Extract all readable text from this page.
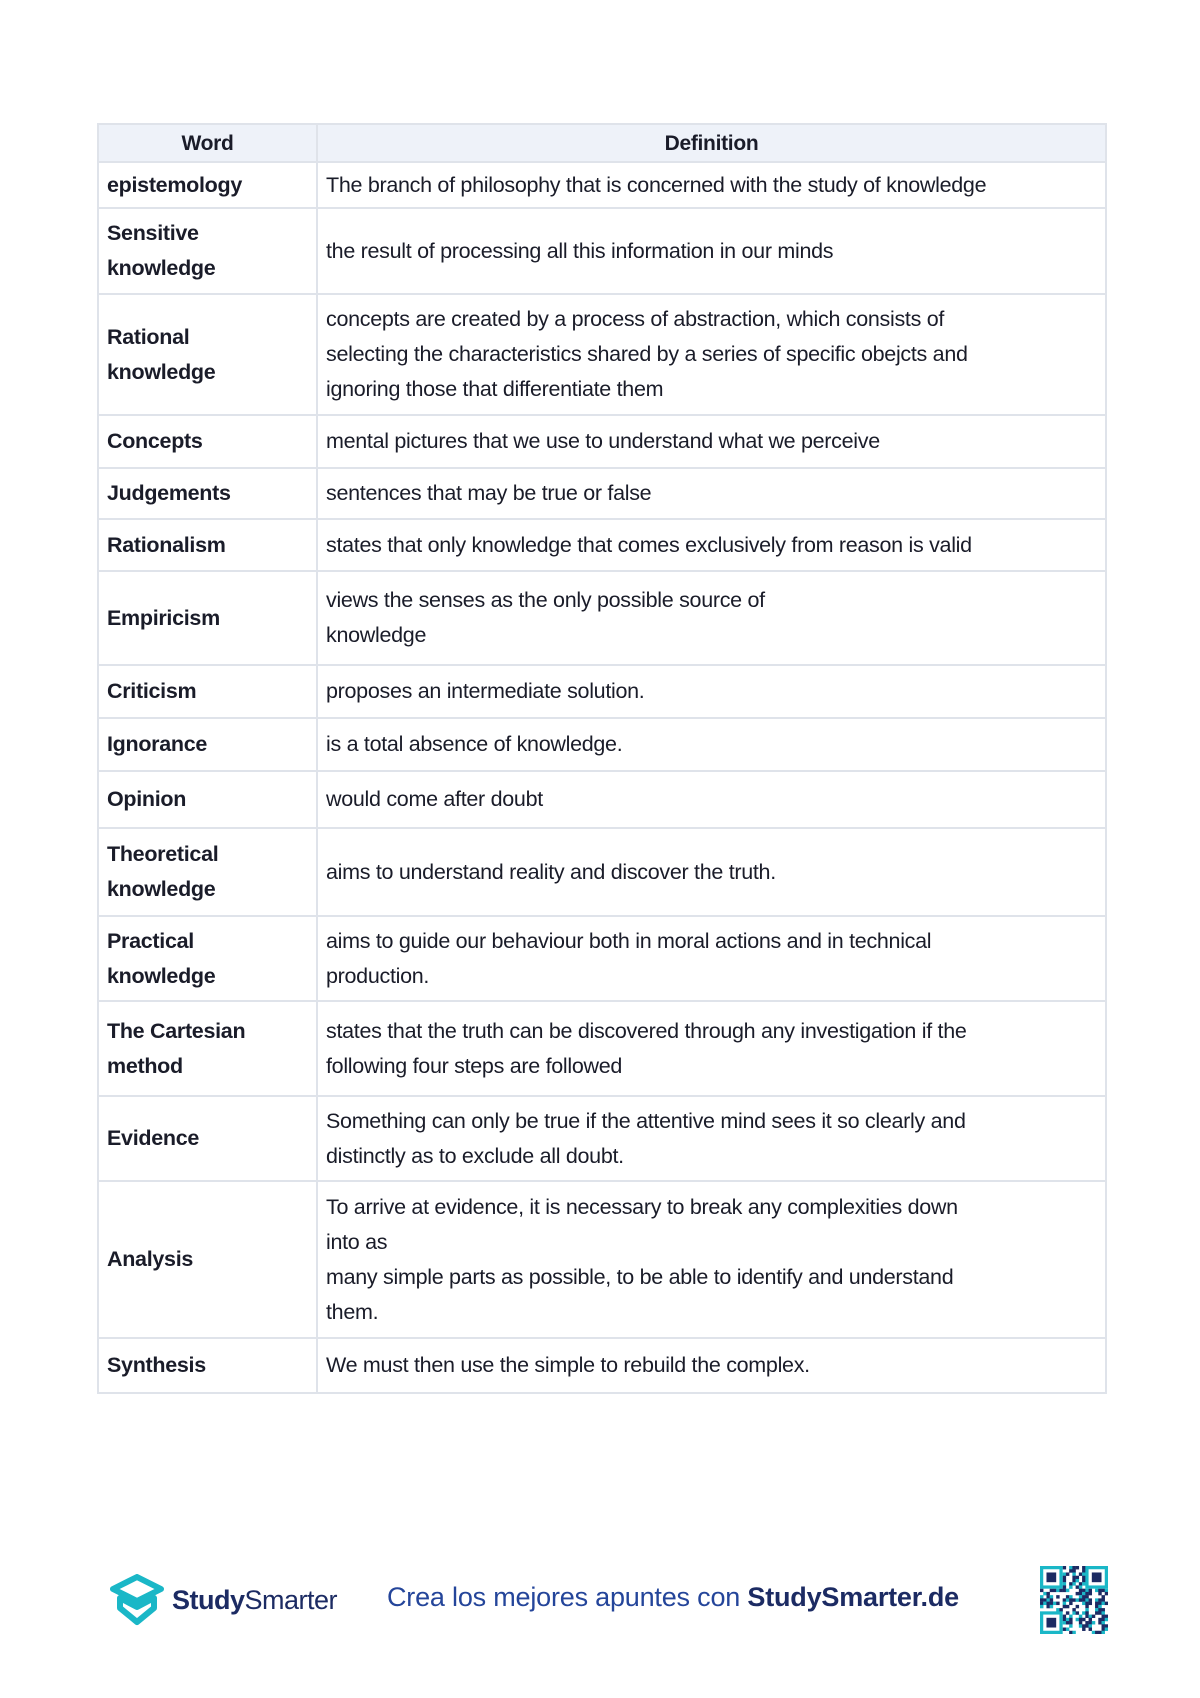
Word	Definition
epistemology	The branch of philosophy that is concerned with the study of knowledge
Sensitive
knowledge	the result of processing all this information in our minds
Rational
knowledge	concepts are created by a process of abstraction, which consists of
selecting the characteristics shared by a series of specific obejcts and
ignoring those that differentiate them
Concepts	mental pictures that we use to understand what we perceive
Judgements	sentences that may be true or false
Rationalism	states that only knowledge that comes exclusively from reason is valid
Empiricism	views the senses as the only possible source of
knowledge
Criticism	proposes an intermediate solution.
Ignorance	is a total absence of knowledge.
Opinion	would come after doubt
Theoretical
knowledge	aims to understand reality and discover the truth.
Practical
knowledge	aims to guide our behaviour both in moral actions and in technical
production.
The Cartesian
method	states that the truth can be discovered through any investigation if the
following four steps are followed
Evidence	Something can only be true if the attentive mind sees it so clearly and
distinctly as to exclude all doubt.
Analysis	To arrive at evidence, it is necessary to break any complexities down
into as
many simple parts as possible, to be able to identify and understand
them.
Synthesis	We must then use the simple to rebuild the complex.
StudySmarter Crea los mejores apuntes con StudySmarter.de
